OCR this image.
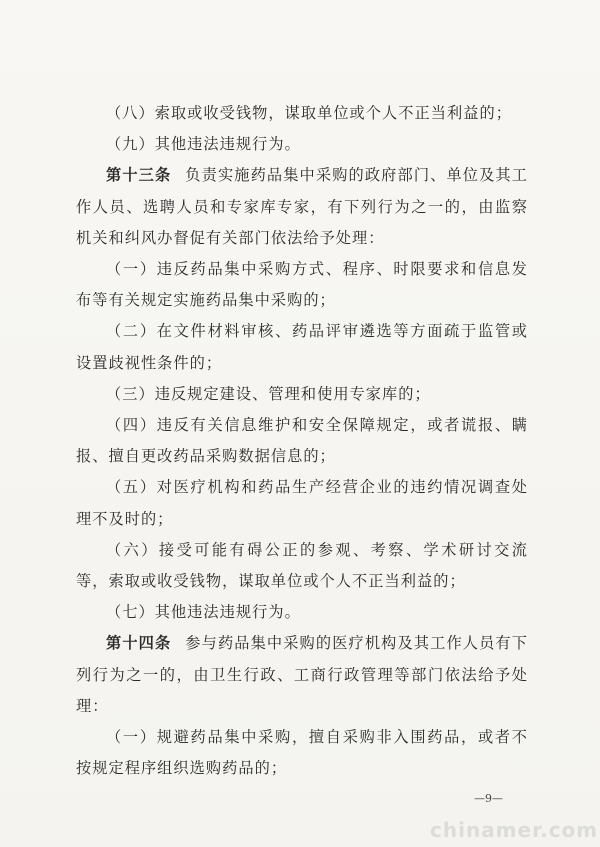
（八）索取或收受钱物，谋取单位或个人不正当利益的；

（九）其他违法违规行为。

第十三条 负责实施药品集中采购的政府部门、单位及其工作人员、选聘人员和专家库专家，有下列行为之一的，由监察机关和纠风办督促有关部门依法给予处理：

（一）违反药品集中采购方式、程序、时限要求和信息发布等有关规定实施药品集中采购的；

（二）在文件材料审核、药品评审遴选等方面疏于监管或设置歧视性条件的；

（三）违反规定建设、管理和使用专家库的；

（四）违反有关信息维护和安全保障规定，或者谎报、瞒报、擅自更改药品采购数据信息的；

（五）对医疗机构和药品生产经营企业的违约情况调查处理不及时的；

（六）接受可能有碍公正的参观、考察、学术研讨交流等，索取或收受钱物，谋取单位或个人不正当利益的；

（七）其他违法违规行为。

第十四条 参与药品集中采购的医疗机构及其工作人员有下列行为之一的，由卫生行政、工商行政管理等部门依法给予处理：

（一）规避药品集中采购，擅自采购非入围药品，或者不按规定程序组织选购药品的；

—9—
chinamer.com
